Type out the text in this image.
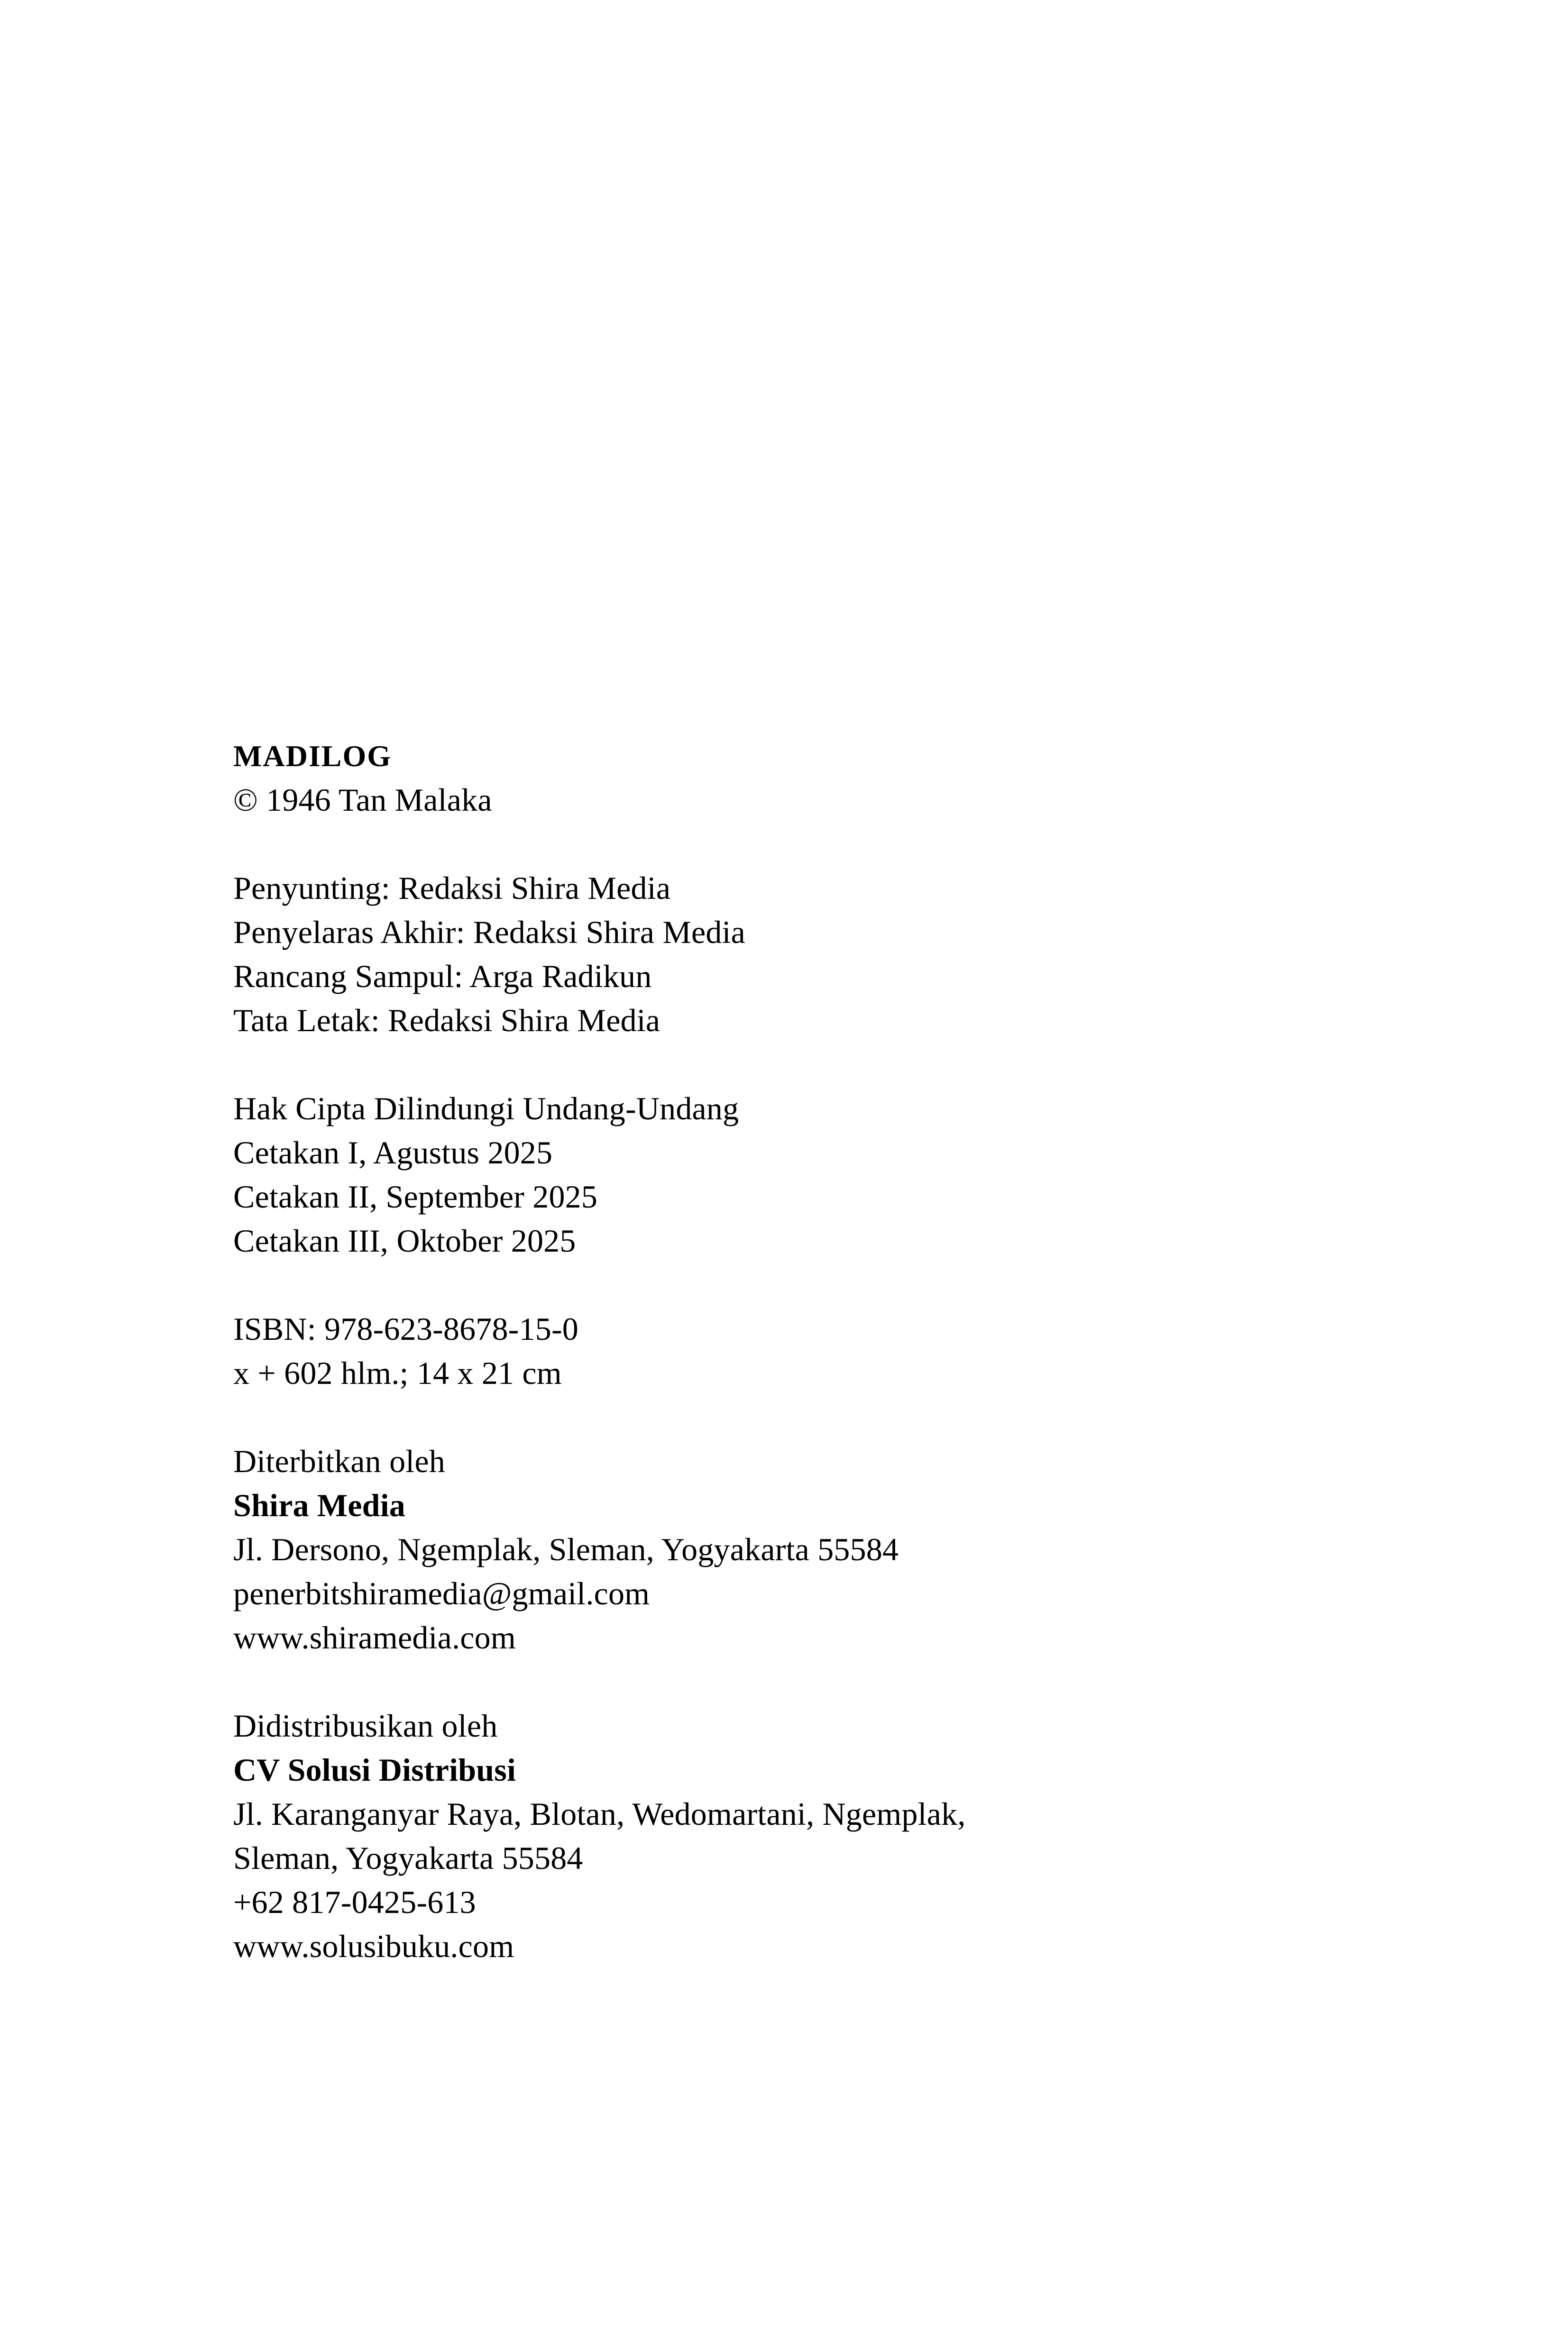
MADILOG
© 1946 Tan Malaka
Penyunting: Redaksi Shira Media
Penyelaras Akhir: Redaksi Shira Media
Rancang Sampul: Arga Radikun
Tata Letak: Redaksi Shira Media
Hak Cipta Dilindungi Undang-Undang
Cetakan I, Agustus 2025
Cetakan II, September 2025
Cetakan III, Oktober 2025
ISBN: 978-623-8678-15-0
x + 602 hlm.; 14 x 21 cm
Diterbitkan oleh
Shira Media
Jl. Dersono, Ngemplak, Sleman, Yogyakarta 55584
penerbitshiramedia@gmail.com
www.shiramedia.com
Didistribusikan oleh
CV Solusi Distribusi
Jl. Karanganyar Raya, Blotan, Wedomartani, Ngemplak,
Sleman, Yogyakarta 55584
+62 817-0425-613
www.solusibuku.com
